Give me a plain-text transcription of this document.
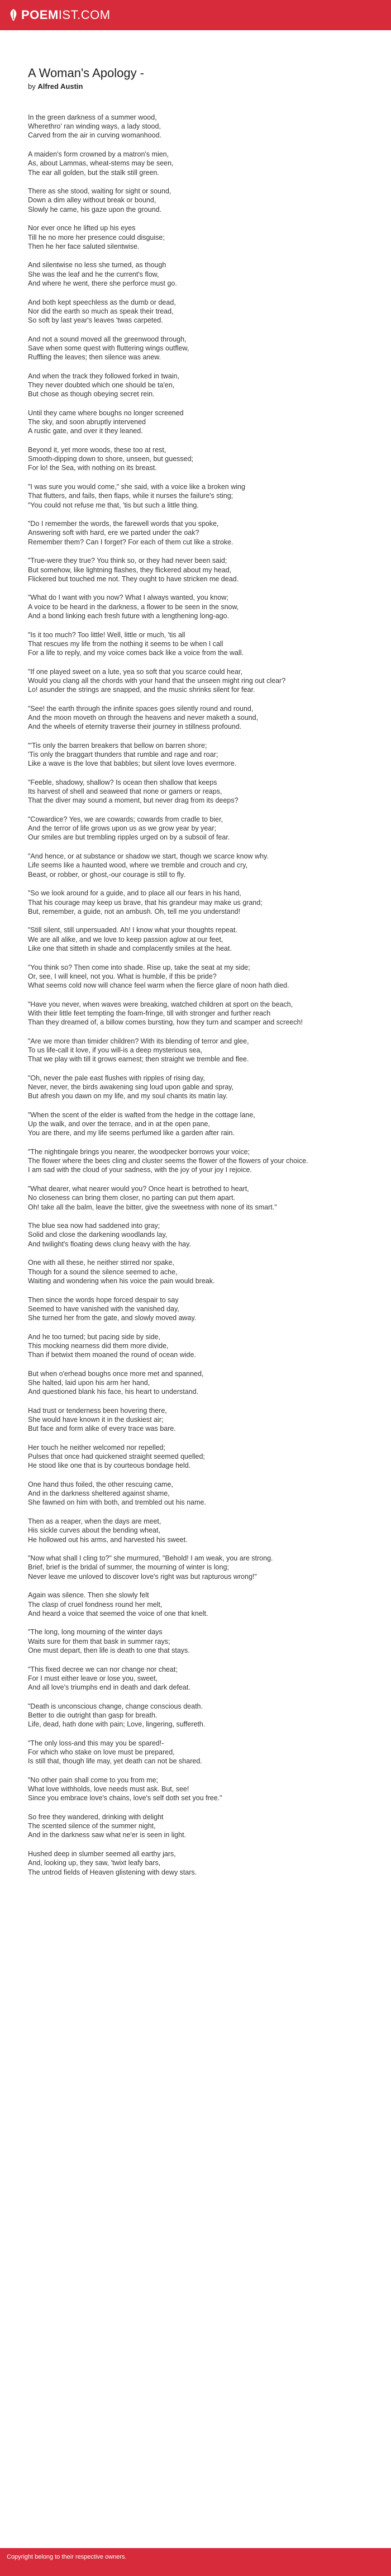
POEM IST.COM
A Woman's Apology -
by Alfred Austin

In the green darkness of a summer wood,
Wherethro' ran winding ways, a lady stood,
Carved from the air in curving womanhood.

A maiden's form crowned by a matron's mien,
As, about Lammas, wheat-stems may be seen,
The ear all golden, but the stalk still green.

There as she stood, waiting for sight or sound,
Down a dim alley without break or bound,
Slowly he came, his gaze upon the ground.

Nor ever once he lifted up his eyes
Till he no more her presence could disguise;
Then he her face saluted silentwise.

And silentwise no less she turned, as though
She was the leaf and he the current's flow,
And where he went, there she perforce must go.

And both kept speechless as the dumb or dead,
Nor did the earth so much as speak their tread,
So soft by last year's leaves 'twas carpeted.

And not a sound moved all the greenwood through,
Save when some quest with fluttering wings outflew,
Ruffling the leaves; then silence was anew.

And when the track they followed forked in twain,
They never doubted which one should be ta'en,
But chose as though obeying secret rein.

Until they came where boughs no longer screened
The sky, and soon abruptly intervened
A rustic gate, and over it they leaned.

Beyond it, yet more woods, these too at rest,
Smooth-dipping down to shore, unseen, but guessed;
For lo! the Sea, with nothing on its breast.

"I was sure you would come," she said, with a voice like a broken wing
That flutters, and fails, then flaps, while it nurses the failure's sting;
"You could not refuse me that, 'tis but such a little thing.

"Do I remember the words, the farewell words that you spoke,
Answering soft with hard, ere we parted under the oak?
Remember them? Can I forget? For each of them cut like a stroke.

"True-were they true? You think so, or they had never been said;
But somehow, like lightning flashes, they flickered about my head,
Flickered but touched me not. They ought to have stricken me dead.

"What do I want with you now? What I always wanted, you know;
A voice to be heard in the darkness, a flower to be seen in the snow,
And a bond linking each fresh future with a lengthening long-ago.

"Is it too much? Too little! Well, little or much, 'tis all
That rescues my life from the nothing it seems to be when I call
For a life to reply, and my voice comes back like a voice from the wall.

"If one played sweet on a lute, yea so soft that you scarce could hear,
Would you clang all the chords with your hand that the unseen might ring out clear?
Lo! asunder the strings are snapped, and the music shrinks silent for fear.

"See! the earth through the infinite spaces goes silently round and round,
And the moon moveth on through the heavens and never maketh a sound,
And the wheels of eternity traverse their journey in stillness profound.

"'Tis only the barren breakers that bellow on barren shore;
'Tis only the braggart thunders that rumble and rage and roar;
Like a wave is the love that babbles; but silent love loves evermore.

"Feeble, shadowy, shallow? Is ocean then shallow that keeps
Its harvest of shell and seaweed that none or garners or reaps,
That the diver may sound a moment, but never drag from its deeps?

"Cowardice? Yes, we are cowards; cowards from cradle to bier,
And the terror of life grows upon us as we grow year by year;
Our smiles are but trembling ripples urged on by a subsoil of fear.

"And hence, or at substance or shadow we start, though we scarce know why.
Life seems like a haunted wood, where we tremble and crouch and cry,
Beast, or robber, or ghost,-our courage is still to fly.

"So we look around for a guide, and to place all our fears in his hand,
That his courage may keep us brave, that his grandeur may make us grand;
But, remember, a guide, not an ambush. Oh, tell me you understand!

"Still silent, still unpersuaded. Ah! I know what your thoughts repeat.
We are all alike, and we love to keep passion aglow at our feet,
Like one that sitteth in shade and complacently smiles at the heat.

"You think so? Then come into shade. Rise up, take the seat at my side;
Or, see, I will kneel, not you. What is humble, if this be pride?
What seems cold now will chance feel warm when the fierce glare of noon hath died.

"Have you never, when waves were breaking, watched children at sport on the beach,
With their little feet tempting the foam-fringe, till with stronger and further reach
Than they dreamed of, a billow comes bursting, how they turn and scamper and screech!

"Are we more than timider children? With its blending of terror and glee,
To us life-call it love, if you will-is a deep mysterious sea,
That we play with till it grows earnest; then straight we tremble and flee.

"Oh, never the pale east flushes with ripples of rising day,
Never, never, the birds awakening sing loud upon gable and spray,
But afresh you dawn on my life, and my soul chants its matin lay.

"When the scent of the elder is wafted from the hedge in the cottage lane,
Up the walk, and over the terrace, and in at the open pane,
You are there, and my life seems perfumed like a garden after rain.

"The nightingale brings you nearer, the woodpecker borrows your voice;
The flower where the bees cling and cluster seems the flower of the flowers of your choice.
I am sad with the cloud of your sadness, with the joy of your joy I rejoice.

"What dearer, what nearer would you? Once heart is betrothed to heart,
No closeness can bring them closer, no parting can put them apart.
Oh! take all the balm, leave the bitter, give the sweetness with none of its smart."

The blue sea now had saddened into gray;
Solid and close the darkening woodlands lay,
And twilight's floating dews clung heavy with the hay.

One with all these, he neither stirred nor spake,
Though for a sound the silence seemed to ache,
Waiting and wondering when his voice the pain would break.

Then since the words hope forced despair to say
Seemed to have vanished with the vanished day,
She turned her from the gate, and slowly moved away.

And he too turned; but pacing side by side,
This mocking nearness did them more divide,
Than if betwixt them moaned the round of ocean wide.

But when o'erhead boughs once more met and spanned,
She halted, laid upon his arm her hand,
And questioned blank his face, his heart to understand.

Had trust or tenderness been hovering there,
She would have known it in the duskiest air;
But face and form alike of every trace was bare.

Her touch he neither welcomed nor repelled;
Pulses that once had quickened straight seemed quelled;
He stood like one that is by courteous bondage held.

One hand thus foiled, the other rescuing came,
And in the darkness sheltered against shame,
She fawned on him with both, and trembled out his name.

Then as a reaper, when the days are meet,
His sickle curves about the bending wheat,
He hollowed out his arms, and harvested his sweet.

"Now what shall I cling to?" she murmured, "Behold! I am weak, you are strong.
Brief, brief is the bridal of summer, the mourning of winter is long;
Never leave me unloved to discover love's right was but rapturous wrong!"

Again was silence. Then she slowly felt
The clasp of cruel fondness round her melt,
And heard a voice that seemed the voice of one that knelt.

"The long, long mourning of the winter days
Waits sure for them that bask in summer rays;
One must depart, then life is death to one that stays.

"This fixed decree we can nor change nor cheat;
For I must either leave or lose you, sweet,
And all love's triumphs end in death and dark defeat.

"Death is unconscious change, change conscious death.
Better to die outright than gasp for breath.
Life, dead, hath done with pain; Love, lingering, suffereth.

"The only loss-and this may you be spared!-
For which who stake on love must be prepared,
Is still that, though life may, yet death can not be shared.

"No other pain shall come to you from me;
What love withholds, love needs must ask. But, see!
Since you embrace love's chains, love's self doth set you free."

So free they wandered, drinking with delight
The scented silence of the summer night,
And in the darkness saw what ne'er is seen in light.

Hushed deep in slumber seemed all earthy jars,
And, looking up, they saw, 'twixt leafy bars,
The untrod fields of Heaven glistening with dewy stars.

Copyright belong to their respective owners.
